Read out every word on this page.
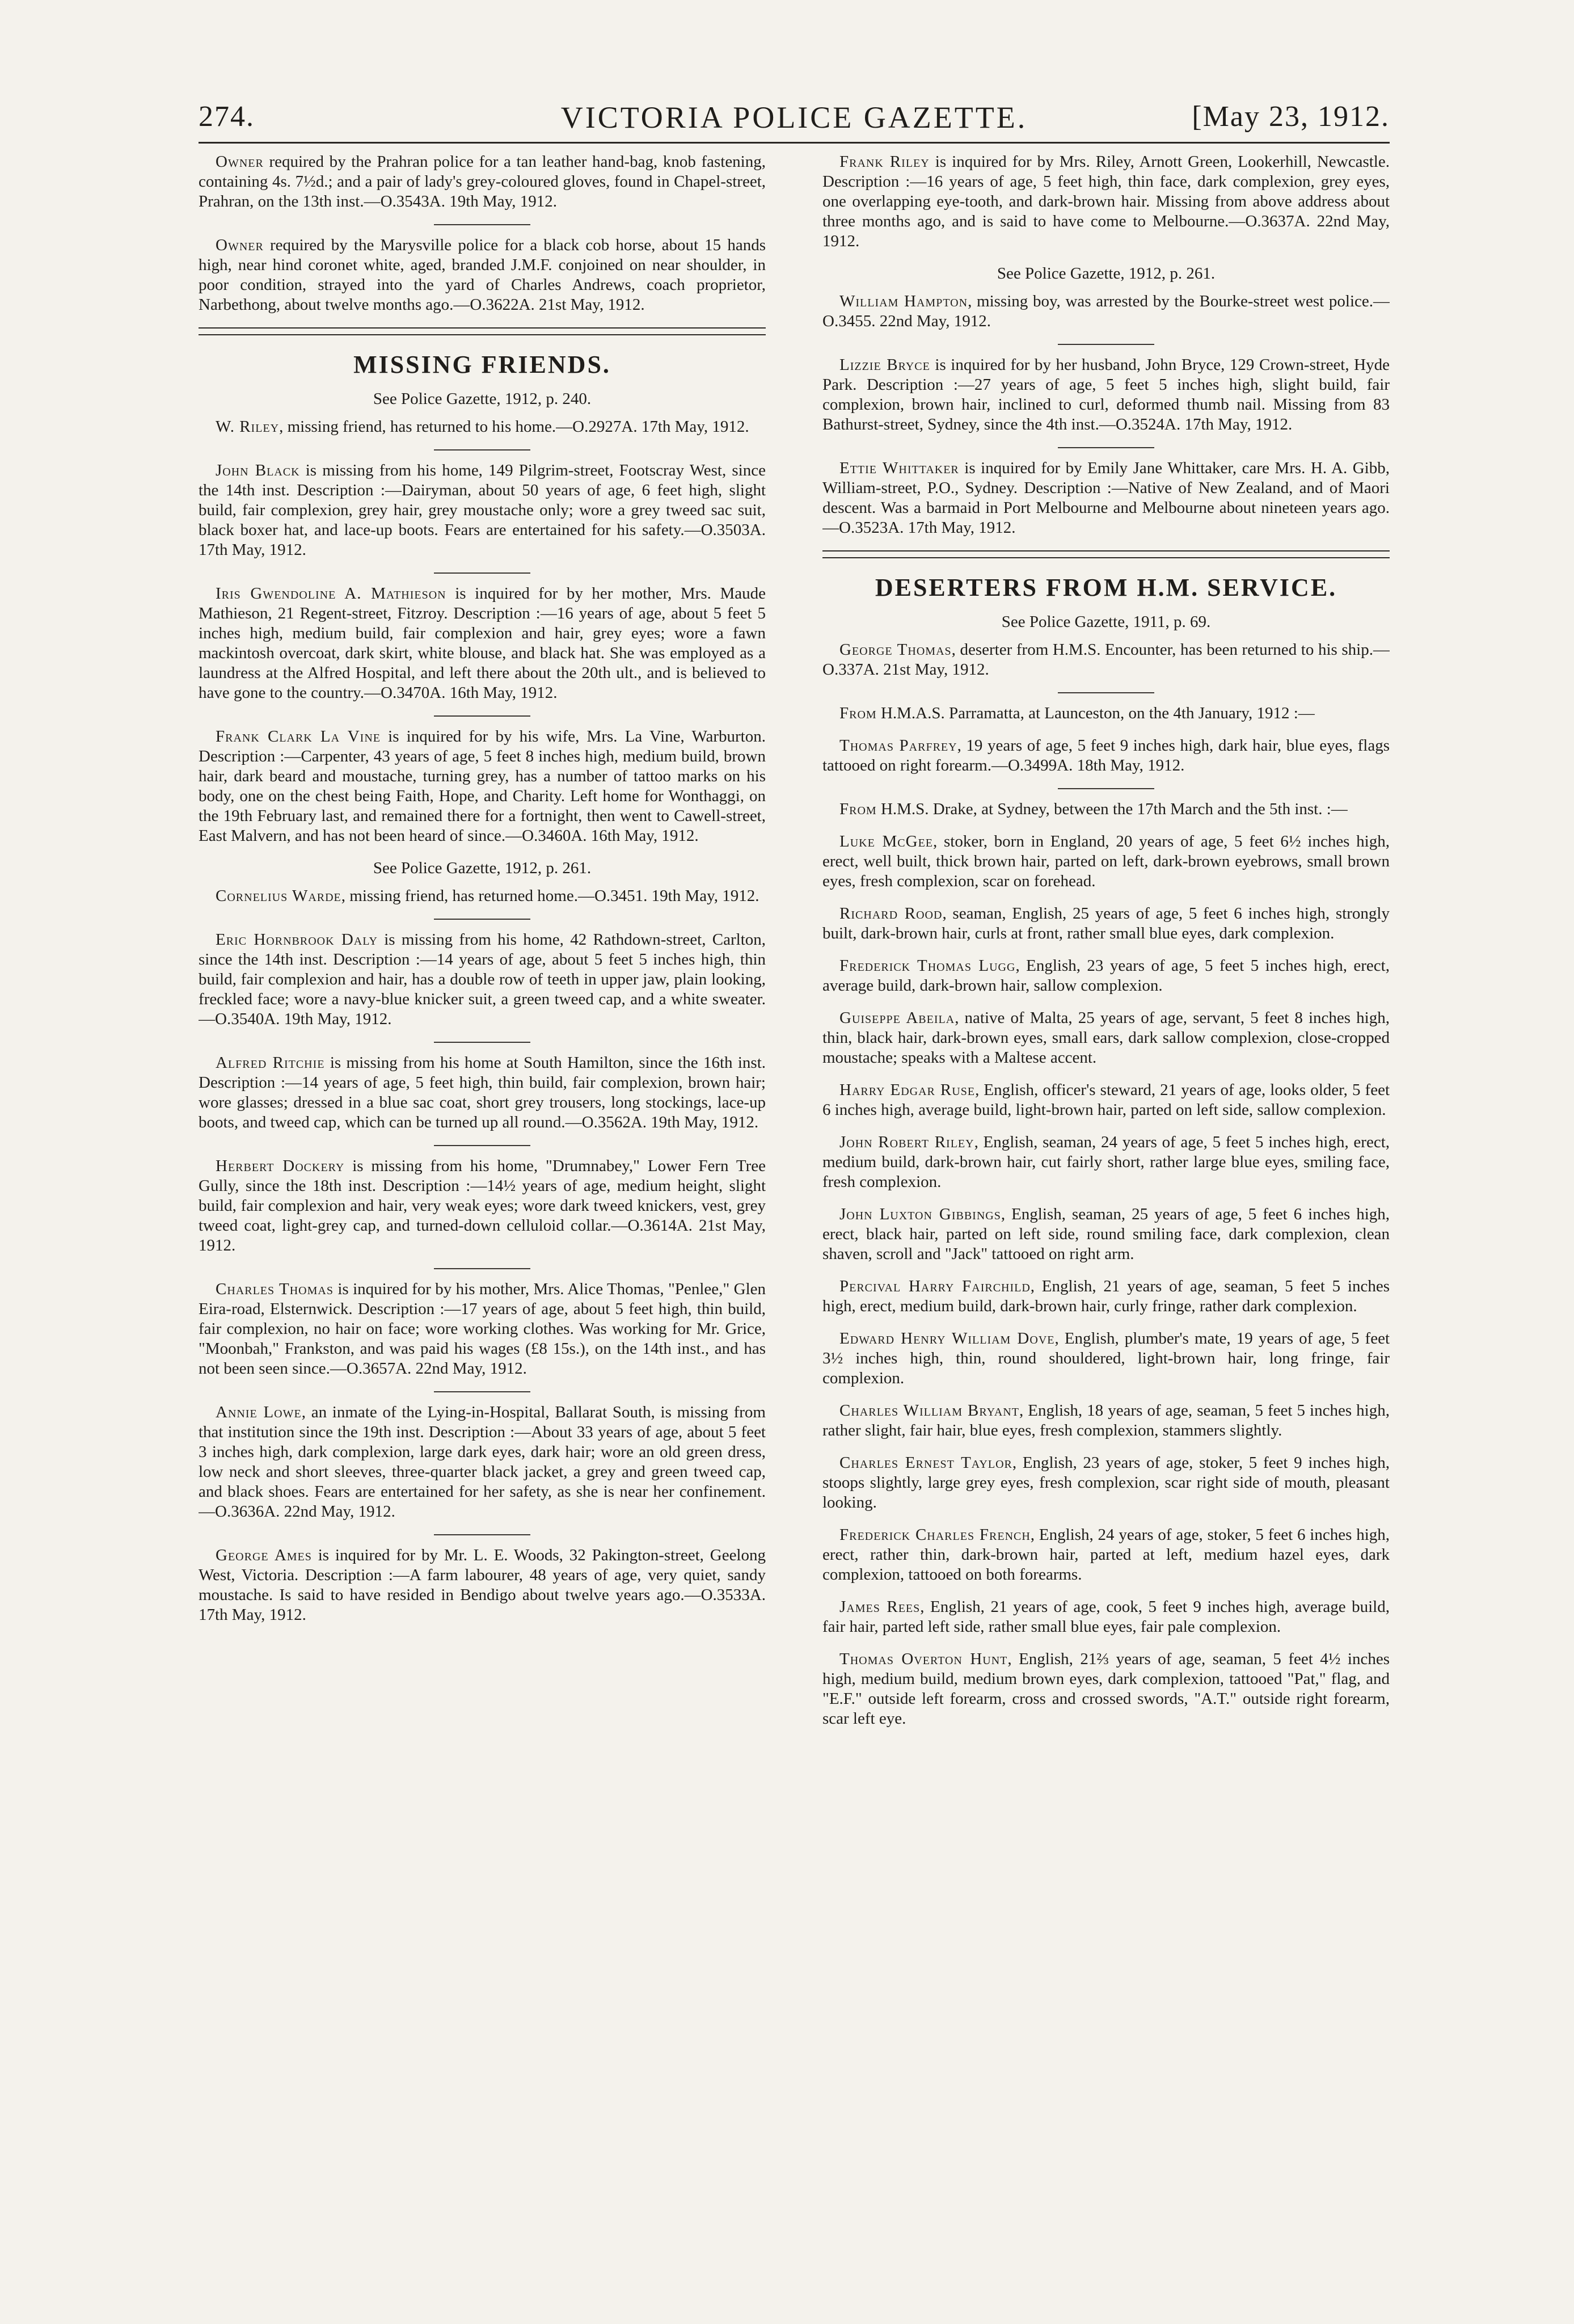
274.	VICTORIA POLICE GAZETTE.	[May 23, 1912.

Owner required by the Prahran police for a tan leather hand-bag, knob fastening, containing 4s. 7½d.; and a pair of lady's grey-coloured gloves, found in Chapel-street, Prahran, on the 13th inst.—O.3543A. 19th May, 1912.

Owner required by the Marysville police for a black cob horse, about 15 hands high, near hind coronet white, aged, branded J.M.F. conjoined on near shoulder, in poor condition, strayed into the yard of Charles Andrews, coach proprietor, Narbethong, about twelve months ago.—O.3622A. 21st May, 1912.

MISSING FRIENDS.

See Police Gazette, 1912, p. 240.

W. Riley, missing friend, has returned to his home.—O.2927A. 17th May, 1912.

John Black is missing from his home, 149 Pilgrim-street, Footscray West, since the 14th inst. Description :—Dairyman, about 50 years of age, 6 feet high, slight build, fair complexion, grey hair, grey moustache only; wore a grey tweed sac suit, black boxer hat, and lace-up boots. Fears are entertained for his safety.—O.3503A. 17th May, 1912.

Iris Gwendoline A. Mathieson is inquired for by her mother, Mrs. Maude Mathieson, 21 Regent-street, Fitzroy. Description :—16 years of age, about 5 feet 5 inches high, medium build, fair complexion and hair, grey eyes; wore a fawn mackintosh overcoat, dark skirt, white blouse, and black hat. She was employed as a laundress at the Alfred Hospital, and left there about the 20th ult., and is believed to have gone to the country.—O.3470A. 16th May, 1912.

Frank Clark La Vine is inquired for by his wife, Mrs. La Vine, Warburton. Description :—Carpenter, 43 years of age, 5 feet 8 inches high, medium build, brown hair, dark beard and moustache, turning grey, has a number of tattoo marks on his body, one on the chest being Faith, Hope, and Charity. Left home for Wonthaggi, on the 19th February last, and remained there for a fortnight, then went to Cawell-street, East Malvern, and has not been heard of since.—O.3460A. 16th May, 1912.

See Police Gazette, 1912, p. 261.

Cornelius Warde, missing friend, has returned home.—O.3451. 19th May, 1912.

Eric Hornbrook Daly is missing from his home, 42 Rathdown-street, Carlton, since the 14th inst. Description :—14 years of age, about 5 feet 5 inches high, thin build, fair complexion and hair, has a double row of teeth in upper jaw, plain looking, freckled face; wore a navy-blue knicker suit, a green tweed cap, and a white sweater.—O.3540A. 19th May, 1912.

Alfred Ritchie is missing from his home at South Hamilton, since the 16th inst. Description :—14 years of age, 5 feet high, thin build, fair complexion, brown hair; wore glasses; dressed in a blue sac coat, short grey trousers, long stockings, lace-up boots, and tweed cap, which can be turned up all round.—O.3562A. 19th May, 1912.

Herbert Dockery is missing from his home, "Drumnabey," Lower Fern Tree Gully, since the 18th inst. Description :—14½ years of age, medium height, slight build, fair complexion and hair, very weak eyes; wore dark tweed knickers, vest, grey tweed coat, light-grey cap, and turned-down celluloid collar.—O.3614A. 21st May, 1912.

Charles Thomas is inquired for by his mother, Mrs. Alice Thomas, "Penlee," Glen Eira-road, Elsternwick. Description :—17 years of age, about 5 feet high, thin build, fair complexion, no hair on face; wore working clothes. Was working for Mr. Grice, "Moonbah," Frankston, and was paid his wages (£8 15s.), on the 14th inst., and has not been seen since.—O.3657A. 22nd May, 1912.

Annie Lowe, an inmate of the Lying-in-Hospital, Ballarat South, is missing from that institution since the 19th inst. Description :—About 33 years of age, about 5 feet 3 inches high, dark complexion, large dark eyes, dark hair; wore an old green dress, low neck and short sleeves, three-quarter black jacket, a grey and green tweed cap, and black shoes. Fears are entertained for her safety, as she is near her confinement.—O.3636A. 22nd May, 1912.

George Ames is inquired for by Mr. L. E. Woods, 32 Pakington-street, Geelong West, Victoria. Description :—A farm labourer, 48 years of age, very quiet, sandy moustache. Is said to have resided in Bendigo about twelve years ago.—O.3533A. 17th May, 1912.

Frank Riley is inquired for by Mrs. Riley, Arnott Green, Lookerhill, Newcastle. Description :—16 years of age, 5 feet high, thin face, dark complexion, grey eyes, one overlapping eye-tooth, and dark-brown hair. Missing from above address about three months ago, and is said to have come to Melbourne.—O.3637A. 22nd May, 1912.

See Police Gazette, 1912, p. 261.

William Hampton, missing boy, was arrested by the Bourke-street west police.—O.3455. 22nd May, 1912.

Lizzie Bryce is inquired for by her husband, John Bryce, 129 Crown-street, Hyde Park. Description :—27 years of age, 5 feet 5 inches high, slight build, fair complexion, brown hair, inclined to curl, deformed thumb nail. Missing from 83 Bathurst-street, Sydney, since the 4th inst.—O.3524A. 17th May, 1912.

Ettie Whittaker is inquired for by Emily Jane Whittaker, care Mrs. H. A. Gibb, William-street, P.O., Sydney. Description :—Native of New Zealand, and of Maori descent. Was a barmaid in Port Melbourne and Melbourne about nineteen years ago.—O.3523A. 17th May, 1912.

DESERTERS FROM H.M. SERVICE.

See Police Gazette, 1911, p. 69.

George Thomas, deserter from H.M.S. Encounter, has been returned to his ship.—O.337A. 21st May, 1912.

From H.M.A.S. Parramatta, at Launceston, on the 4th January, 1912 :—

Thomas Parfrey, 19 years of age, 5 feet 9 inches high, dark hair, blue eyes, flags tattooed on right forearm.—O.3499A. 18th May, 1912.

From H.M.S. Drake, at Sydney, between the 17th March and the 5th inst. :—

Luke McGee, stoker, born in England, 20 years of age, 5 feet 6½ inches high, erect, well built, thick brown hair, parted on left, dark-brown eyebrows, small brown eyes, fresh complexion, scar on forehead.

Richard Rood, seaman, English, 25 years of age, 5 feet 6 inches high, strongly built, dark-brown hair, curls at front, rather small blue eyes, dark complexion.

Frederick Thomas Lugg, English, 23 years of age, 5 feet 5 inches high, erect, average build, dark-brown hair, sallow complexion.

Guiseppe Abeila, native of Malta, 25 years of age, servant, 5 feet 8 inches high, thin, black hair, dark-brown eyes, small ears, dark sallow complexion, close-cropped moustache; speaks with a Maltese accent.

Harry Edgar Ruse, English, officer's steward, 21 years of age, looks older, 5 feet 6 inches high, average build, light-brown hair, parted on left side, sallow complexion.

John Robert Riley, English, seaman, 24 years of age, 5 feet 5 inches high, erect, medium build, dark-brown hair, cut fairly short, rather large blue eyes, smiling face, fresh complexion.

John Luxton Gibbings, English, seaman, 25 years of age, 5 feet 6 inches high, erect, black hair, parted on left side, round smiling face, dark complexion, clean shaven, scroll and "Jack" tattooed on right arm.

Percival Harry Fairchild, English, 21 years of age, seaman, 5 feet 5 inches high, erect, medium build, dark-brown hair, curly fringe, rather dark complexion.

Edward Henry William Dove, English, plumber's mate, 19 years of age, 5 feet 3½ inches high, thin, round shouldered, light-brown hair, long fringe, fair complexion.

Charles William Bryant, English, 18 years of age, seaman, 5 feet 5 inches high, rather slight, fair hair, blue eyes, fresh complexion, stammers slightly.

Charles Ernest Taylor, English, 23 years of age, stoker, 5 feet 9 inches high, stoops slightly, large grey eyes, fresh complexion, scar right side of mouth, pleasant looking.

Frederick Charles French, English, 24 years of age, stoker, 5 feet 6 inches high, erect, rather thin, dark-brown hair, parted at left, medium hazel eyes, dark complexion, tattooed on both forearms.

James Rees, English, 21 years of age, cook, 5 feet 9 inches high, average build, fair hair, parted left side, rather small blue eyes, fair pale complexion.

Thomas Overton Hunt, English, 21⅔ years of age, seaman, 5 feet 4½ inches high, medium build, medium brown eyes, dark complexion, tattooed "Pat," flag, and "E.F." outside left forearm, cross and crossed swords, "A.T." outside right forearm, scar left eye.
